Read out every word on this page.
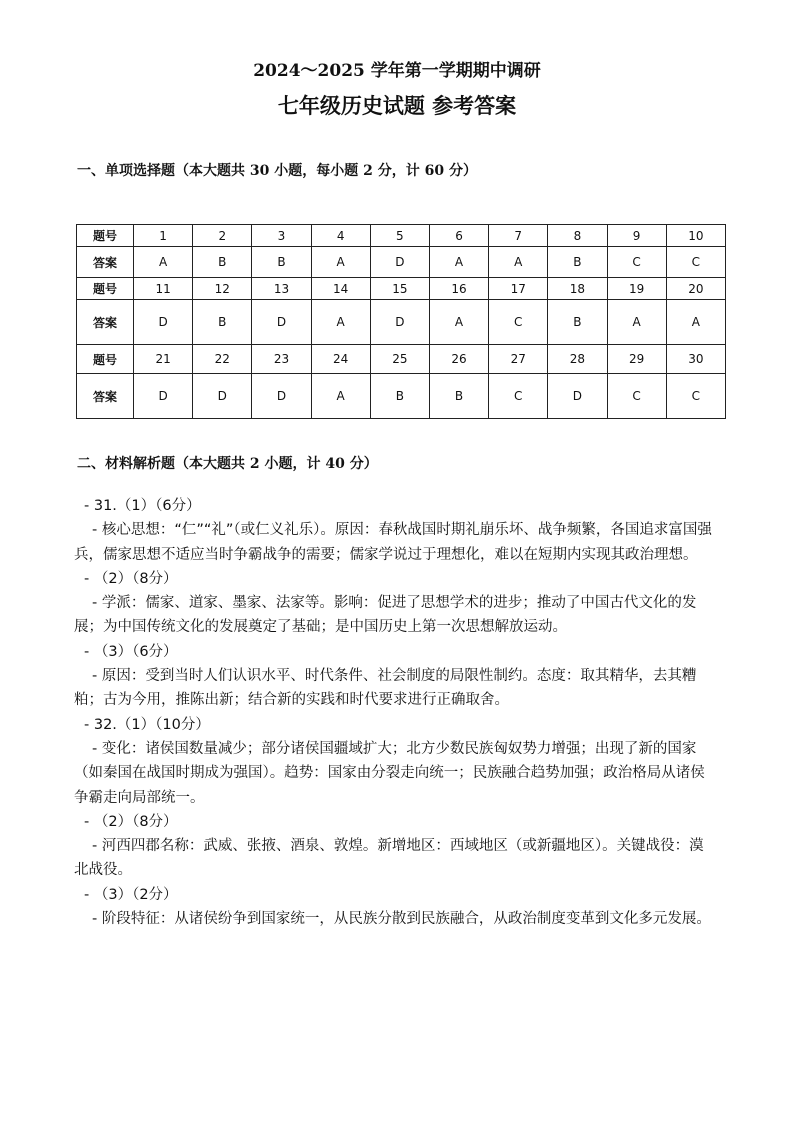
2024～2025 学年第一学期期中调研
七年级历史试题 参考答案
一、单项选择题（本大题共 30 小题，每小题 2 分，计 60 分）
题号	1	2	3	4	5	6	7	8	9	10
答案	A	B	B	A	D	A	A	B	C	C
题号	11	12	13	14	15	16	17	18	19	20
答案	D	B	D	A	D	A	C	B	A	A
题号	21	22	23	24	25	26	27	28	29	30
答案	D	D	D	A	B	B	C	D	C	C
二、材料解析题（本大题共 2 小题，计 40 分）
- 31.（1）（6分）
- 核心思想：“仁”“礼”（或仁义礼乐）。原因：春秋战国时期礼崩乐坏、战争频繁，各国追求富国强兵，儒家思想不适应当时争霸战争的需要；儒家学说过于理想化，难以在短期内实现其政治理想。
- （2）（8分）
- 学派：儒家、道家、墨家、法家等。影响：促进了思想学术的进步；推动了中国古代文化的发展；为中国传统文化的发展奠定了基础；是中国历史上第一次思想解放运动。
- （3）（6分）
- 原因：受到当时人们认识水平、时代条件、社会制度的局限性制约。态度：取其精华，去其糟粕；古为今用，推陈出新；结合新的实践和时代要求进行正确取舍。
- 32.（1）（10分）
- 变化：诸侯国数量减少；部分诸侯国疆域扩大；北方少数民族匈奴势力增强；出现了新的国家（如秦国在战国时期成为强国）。趋势：国家由分裂走向统一；民族融合趋势加强；政治格局从诸侯争霸走向局部统一。
- （2）（8分）
- 河西四郡名称：武威、张掖、酒泉、敦煌。新增地区：西域地区（或新疆地区）。关键战役：漠北战役。
- （3）（2分）
- 阶段特征：从诸侯纷争到国家统一，从民族分散到民族融合，从政治制度变革到文化多元发展。
